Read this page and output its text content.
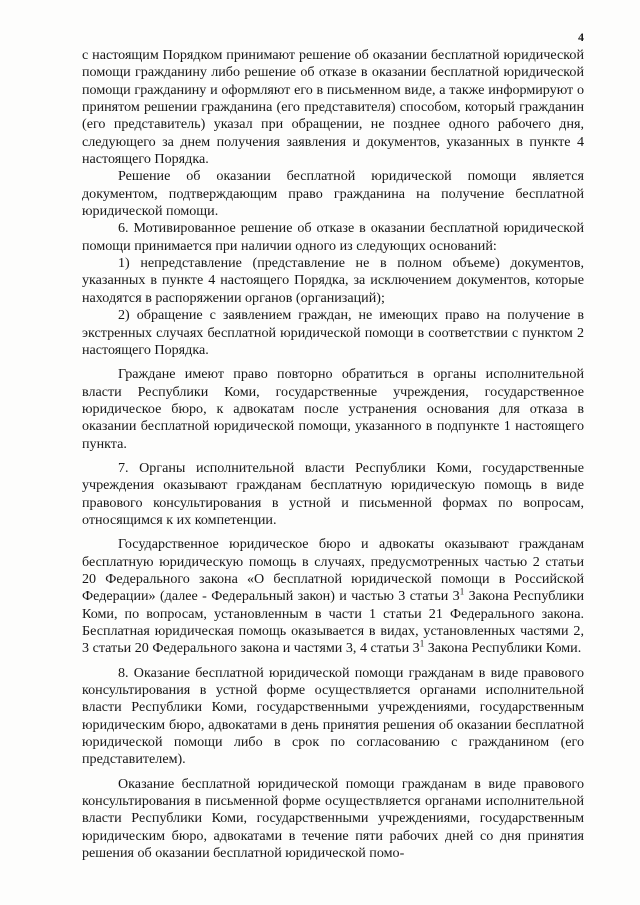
4

с настоящим Порядком принимают решение об оказании бесплатной юридической помощи гражданину либо решение об отказе в оказании бесплатной юридической помощи гражданину и оформляют его в письменном виде, а также информируют о принятом решении гражданина (его представителя) способом, который гражданин (его представитель) указал при обращении, не позднее одного рабочего дня, следующего за днем получения заявления и документов, указанных в пункте 4 настоящего Порядка.

Решение об оказании бесплатной юридической помощи является документом, подтверждающим право гражданина на получение бесплатной юридической помощи.

6. Мотивированное решение об отказе в оказании бесплатной юридической помощи принимается при наличии одного из следующих оснований:

1) непредставление (представление не в полном объеме) документов, указанных в пункте 4 настоящего Порядка, за исключением документов, которые находятся в распоряжении органов (организаций);

2) обращение с заявлением граждан, не имеющих право на получение в экстренных случаях бесплатной юридической помощи в соответствии с пунктом 2 настоящего Порядка.

Граждане имеют право повторно обратиться в органы исполнительной власти Республики Коми, государственные учреждения, государственное юридическое бюро, к адвокатам после устранения основания для отказа в оказании бесплатной юридической помощи, указанного в подпункте 1 настоящего пункта.

7. Органы исполнительной власти Республики Коми, государственные учреждения оказывают гражданам бесплатную юридическую помощь в виде правового консультирования в устной и письменной формах по вопросам, относящимся к их компетенции.

Государственное юридическое бюро и адвокаты оказывают гражданам бесплатную юридическую помощь в случаях, предусмотренных частью 2 статьи 20 Федерального закона «О бесплатной юридической помощи в Российской Федерации» (далее - Федеральный закон) и частью 3 статьи $3^1$ Закона Республики Коми, по вопросам, установленным в части 1 статьи 21 Федерального закона. Бесплатная юридическая помощь оказывается в видах, установленных частями 2, 3 статьи 20 Федерального закона и частями 3, 4 статьи $3^1$ Закона Республики Коми.

8. Оказание бесплатной юридической помощи гражданам в виде правового консультирования в устной форме осуществляется органами исполнительной власти Республики Коми, государственными учреждениями, государственным юридическим бюро, адвокатами в день принятия решения об оказании бесплатной юридической помощи либо в срок по согласованию с гражданином (его представителем).

Оказание бесплатной юридической помощи гражданам в виде правового консультирования в письменной форме осуществляется органами исполнительной власти Республики Коми, государственными учреждениями, государственным юридическим бюро, адвокатами в течение пяти рабочих дней со дня принятия решения об оказании бесплатной юридической помо-
